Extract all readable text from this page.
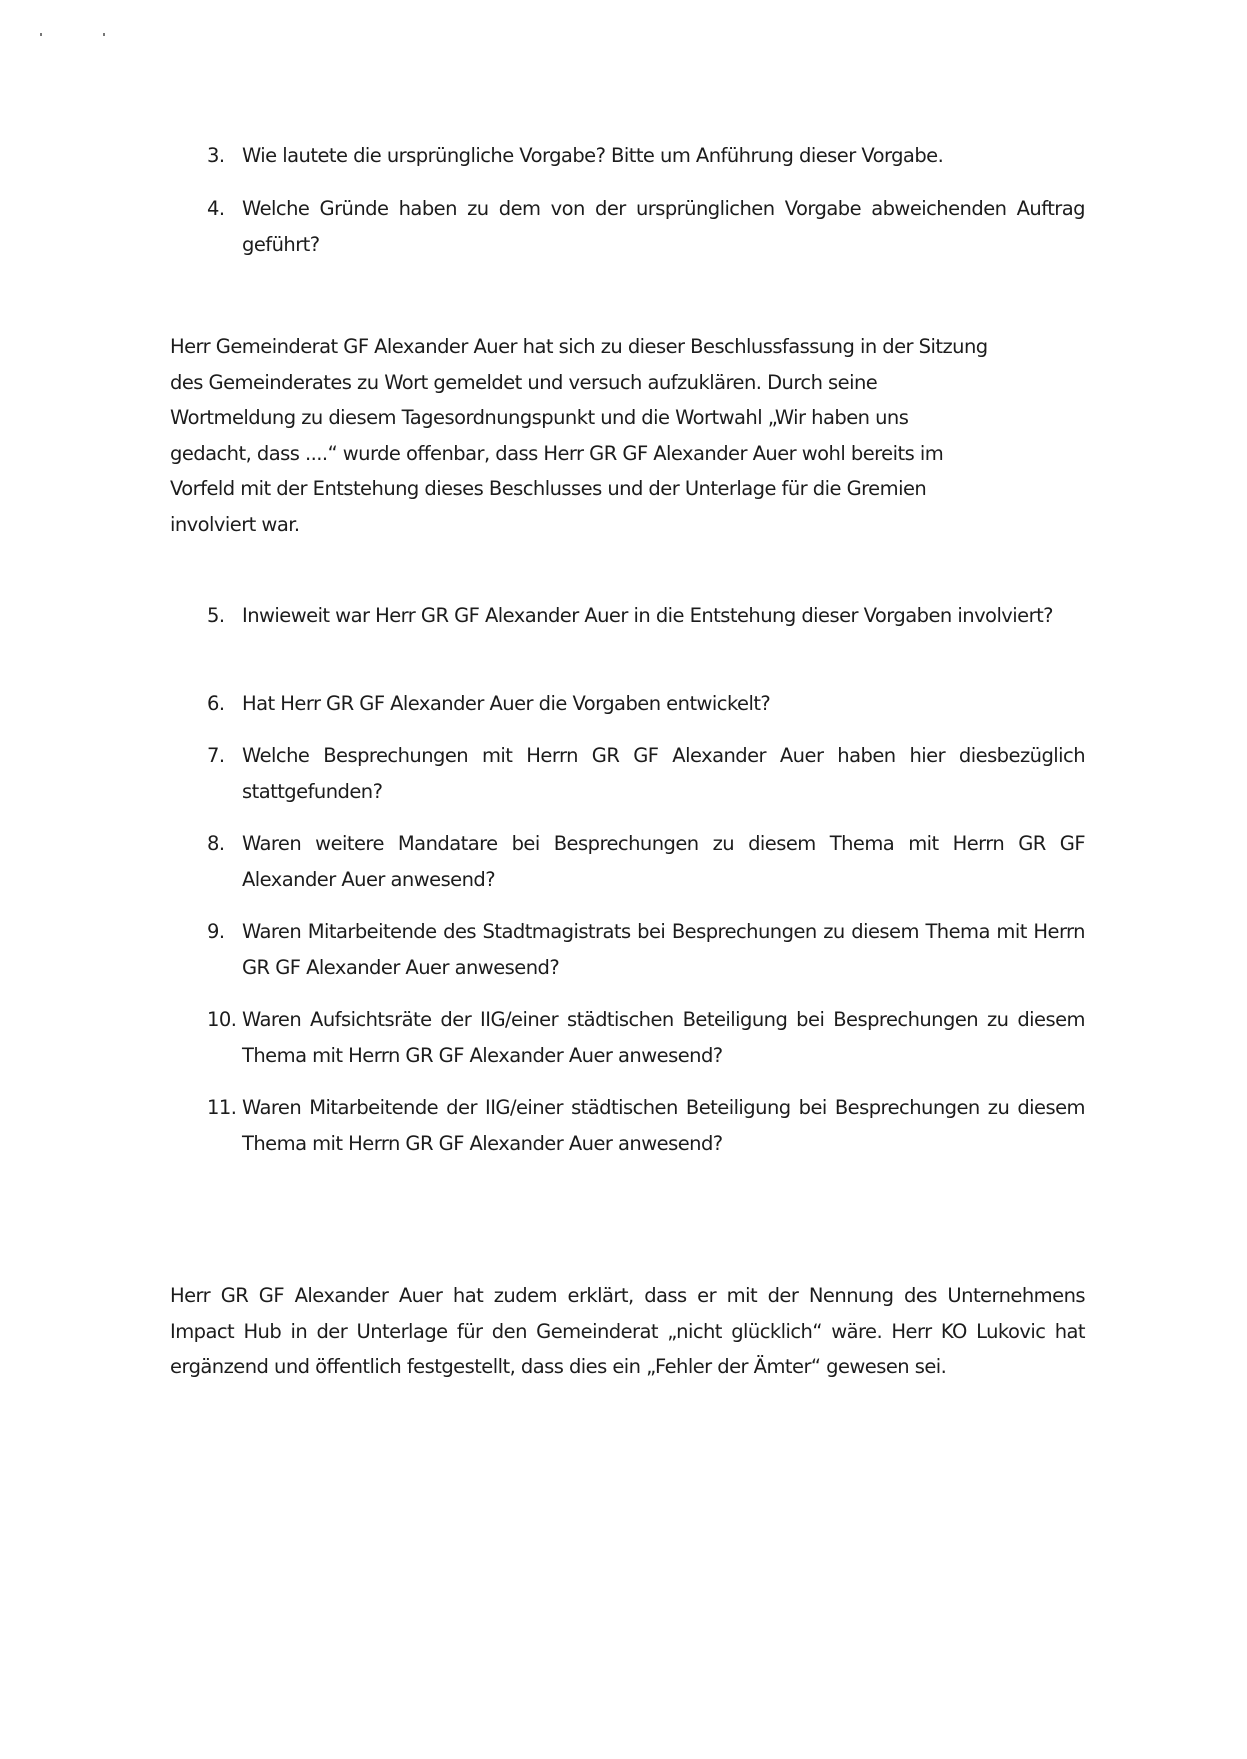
3. Wie lautete die ursprüngliche Vorgabe? Bitte um Anführung dieser Vorgabe.
4. Welche Gründe haben zu dem von der ursprünglichen Vorgabe abweichenden Auftrag geführt?
Herr Gemeinderat GF Alexander Auer hat sich zu dieser Beschlussfassung in der Sitzung
des Gemeinderates zu Wort gemeldet und versuch aufzuklären. Durch seine
Wortmeldung zu diesem Tagesordnungspunkt und die Wortwahl „Wir haben uns
gedacht, dass ....“ wurde offenbar, dass Herr GR GF Alexander Auer wohl bereits im
Vorfeld mit der Entstehung dieses Beschlusses und der Unterlage für die Gremien
involviert war.
5. Inwieweit war Herr GR GF Alexander Auer in die Entstehung dieser Vorgaben involviert?
6. Hat Herr GR GF Alexander Auer die Vorgaben entwickelt?
7. Welche Besprechungen mit Herrn GR GF Alexander Auer haben hier diesbezüglich stattgefunden?
8. Waren weitere Mandatare bei Besprechungen zu diesem Thema mit Herrn GR GF Alexander Auer anwesend?
9. Waren Mitarbeitende des Stadtmagistrats bei Besprechungen zu diesem Thema mit Herrn GR GF Alexander Auer anwesend?
10. Waren Aufsichtsräte der IIG/einer städtischen Beteiligung bei Besprechungen zu diesem Thema mit Herrn GR GF Alexander Auer anwesend?
11. Waren Mitarbeitende der IIG/einer städtischen Beteiligung bei Besprechungen zu diesem Thema mit Herrn GR GF Alexander Auer anwesend?
Herr GR GF Alexander Auer hat zudem erklärt, dass er mit der Nennung des Unternehmens Impact Hub in der Unterlage für den Gemeinderat „nicht glücklich“ wäre. Herr KO Lukovic hat ergänzend und öffentlich festgestellt, dass dies ein „Fehler der Ämter“ gewesen sei.
